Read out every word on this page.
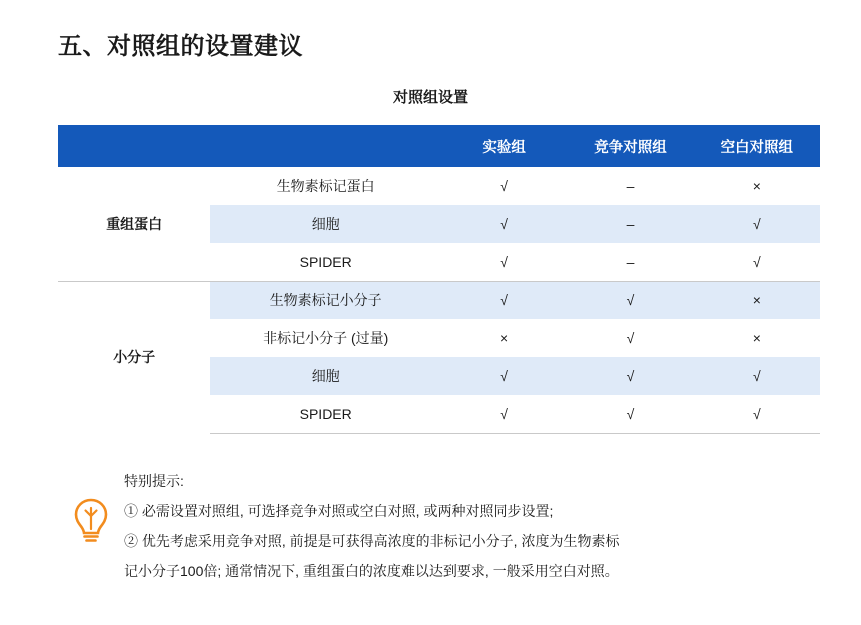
五、对照组的设置建议
对照组设置
		实验组	竞争对照组	空白对照组
重组蛋白	生物素标记蛋白	√	–	×
	细胞	√	–	√
	SPIDER	√	–	√
小分子	生物素标记小分子	√	√	×
	非标记小分子 (过量)	×	√	×
	细胞	√	√	√
	SPIDER	√	√	√
特别提示:
① 必需设置对照组, 可选择竞争对照或空白对照, 或两种对照同步设置;
② 优先考虑采用竞争对照, 前提是可获得高浓度的非标记小分子, 浓度为生物素标
记小分子100倍; 通常情况下, 重组蛋白的浓度难以达到要求, 一般采用空白对照。
